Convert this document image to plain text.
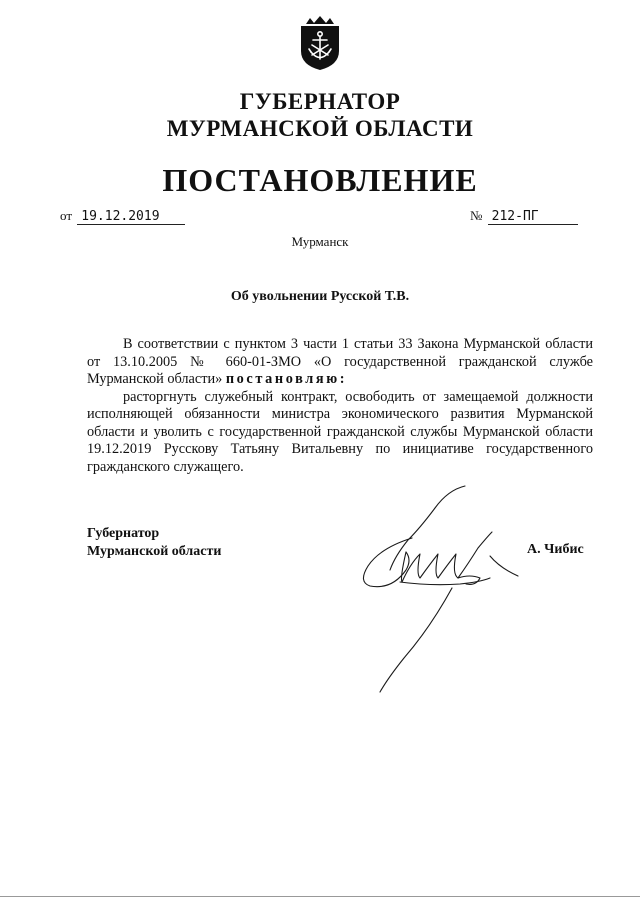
ГУБЕРНАТОР
МУРМАНСКОЙ ОБЛАСТИ
ПОСТАНОВЛЕНИЕ
от 19.12.2019	№ 212-ПГ
Мурманск
Об увольнении Русской Т.В.

В соответствии с пунктом 3 части 1 статьи 33 Закона Мурманской области от 13.10.2005 № 660-01-ЗМО «О государственной гражданской службе Мурманской области» постановляю:

расторгнуть служебный контракт, освободить от замещаемой должности исполняющей обязанности министра экономического развития Мурманской области и уволить с государственной гражданской службы Мурманской области 19.12.2019 Русскову Татьяну Витальевну по инициативе государственного гражданского служащего.

Губернатор
Мурманской области	А. Чибис
